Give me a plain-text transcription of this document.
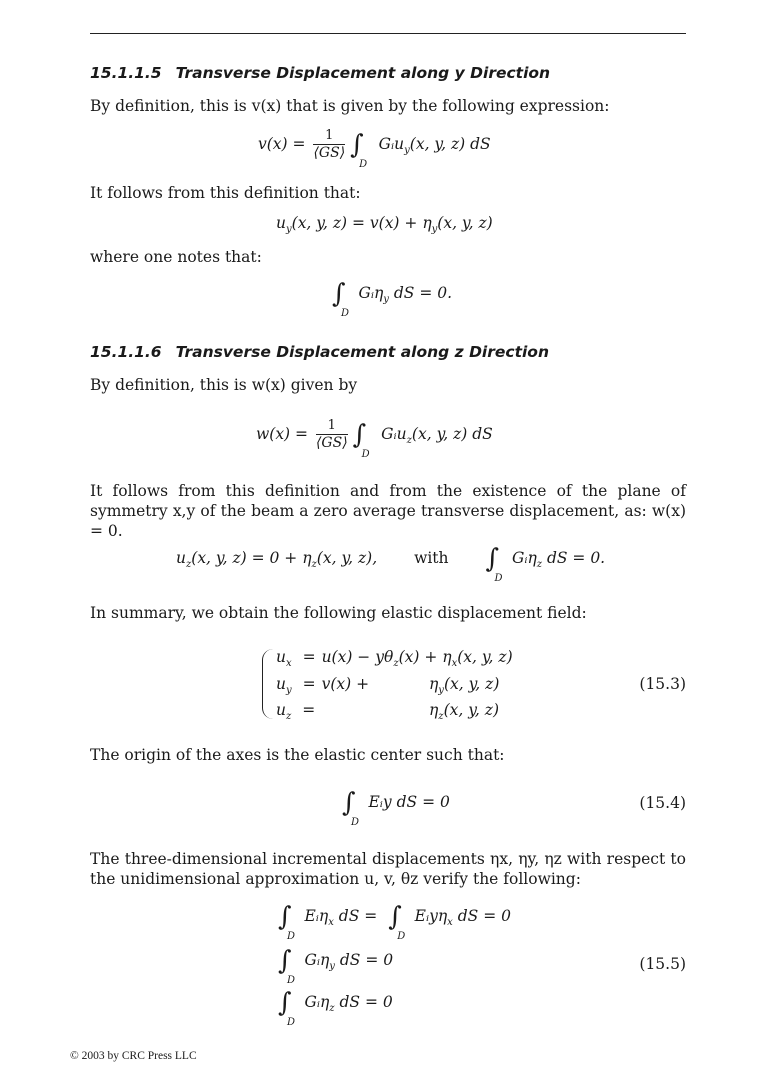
15.1.1.5 Transverse Displacement along y Direction
By definition, this is v(x) that is given by the following expression:
$v(x) = \frac{1}{⟨GS⟩}$ ∫
D
Gᵢu$_y$(x, y, z) dS
It follows from this definition that:
$u_y(x$, y, $z) = v(x) + \eta_y(x$, y, z)
where one notes that:
∫
D
Gᵢη$_y$ dS = 0.
15.1.1.6 Transverse Displacement along z Direction
By definition, this is w(x) given by
$w(x) = \frac{1}{⟨GS⟩}$ ∫
D
Gᵢu$_z$(x, y, z) dS
It follows from this definition and from the existence of the plane of symmetry x,y of the beam a zero average transverse displacement, as: w(x) = 0.
$u_z(x$, y, $z) = 0 + \eta_z(x$, y, z), with ∫
D
Gᵢη$_z$ dS = 0.
In summary, we obtain the following elastic displacement field:
$u_x = u(x) - y\theta_z(x) + \eta_x(x$, y, z)
$u_y = v(x)$ +	$\eta_y(x$, y, z)
$u_z$ =	$\eta_z(x$, y, z)
(15.3)
The origin of the axes is the elastic center such that:
∫
D
Eᵢy dS = 0	(15.4)
The three-dimensional incremental displacements ηx, ηy, ηz with respect to the unidimensional approximation u, v, θz verify the following:
∫
D
Eᵢη$_x$ dS = ∫
D
Eᵢyη$_x$ dS = 0
∫
D
Gᵢη$_y$ dS = 0
∫
D
Gᵢη$_z$ dS = 0
(15.5)
© 2003 by CRC Press LLC
